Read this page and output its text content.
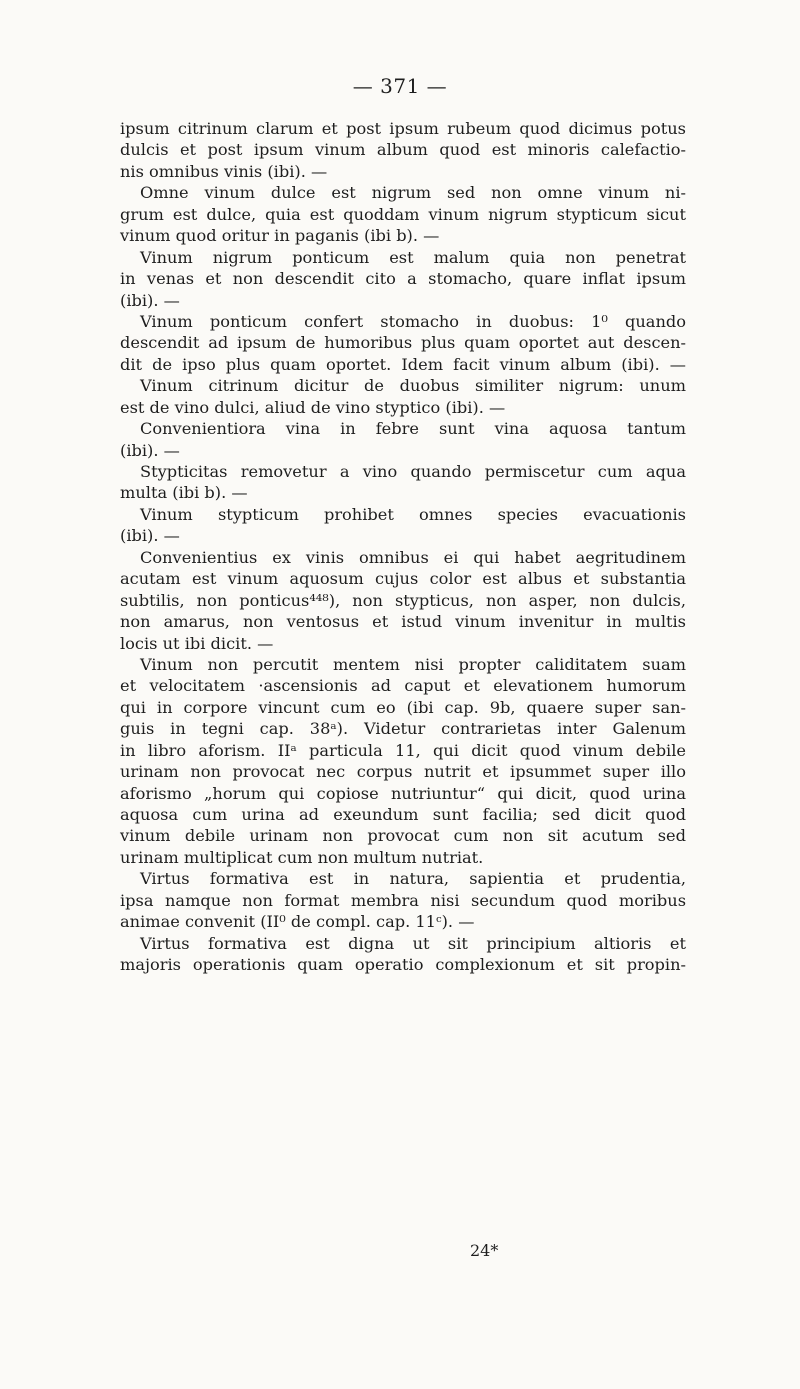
— 371 —
ipsum citrinum clarum et post ipsum rubeum quod dicimus potus
dulcis et post ipsum vinum album quod est minoris calefactio-
nis omnibus vinis (ibi). —
Omne vinum dulce est nigrum sed non omne vinum ni-
grum est dulce, quia est quoddam vinum nigrum stypticum sicut
vinum quod oritur in paganis (ibi b). —
Vinum nigrum ponticum est malum quia non penetrat
in venas et non descendit cito a stomacho, quare inflat ipsum
(ibi). —
Vinum ponticum confert stomacho in duobus: 1⁰ quando
descendit ad ipsum de humoribus plus quam oportet aut descen-
dit de ipso plus quam oportet. Idem facit vinum album (ibi). —
Vinum citrinum dicitur de duobus similiter nigrum: unum
est de vino dulci, aliud de vino styptico (ibi). —
Convenientiora vina in febre sunt vina aquosa tantum
(ibi). —
Stypticitas removetur a vino quando permiscetur cum aqua
multa (ibi b). —
Vinum stypticum prohibet omnes species evacuationis
(ibi). —
Convenientius ex vinis omnibus ei qui habet aegritudinem
acutam est vinum aquosum cujus color est albus et substantia
subtilis, non ponticus⁴⁴⁸), non stypticus, non asper, non dulcis,
non amarus, non ventosus et istud vinum invenitur in multis
locis ut ibi dicit. —
Vinum non percutit mentem nisi propter caliditatem suam
et velocitatem ·ascensionis ad caput et elevationem humorum
qui in corpore vincunt cum eo (ibi cap. 9b, quaere super san-
guis in tegni cap. 38ᵃ). Videtur contrarietas inter Galenum
in libro aforism. IIᵃ particula 11, qui dicit quod vinum debile
urinam non provocat nec corpus nutrit et ipsummet super illo
aforismo „horum qui copiose nutriuntur“ qui dicit, quod urina
aquosa cum urina ad exeundum sunt facilia; sed dicit quod
vinum debile urinam non provocat cum non sit acutum sed
urinam multiplicat cum non multum nutriat.
Virtus formativa est in natura, sapientia et prudentia,
ipsa namque non format membra nisi secundum quod moribus
animae convenit (II⁰ de compl. cap. 11ᶜ). —
Virtus formativa est digna ut sit principium altioris et
majoris operationis quam operatio complexionum et sit propin-
24*
